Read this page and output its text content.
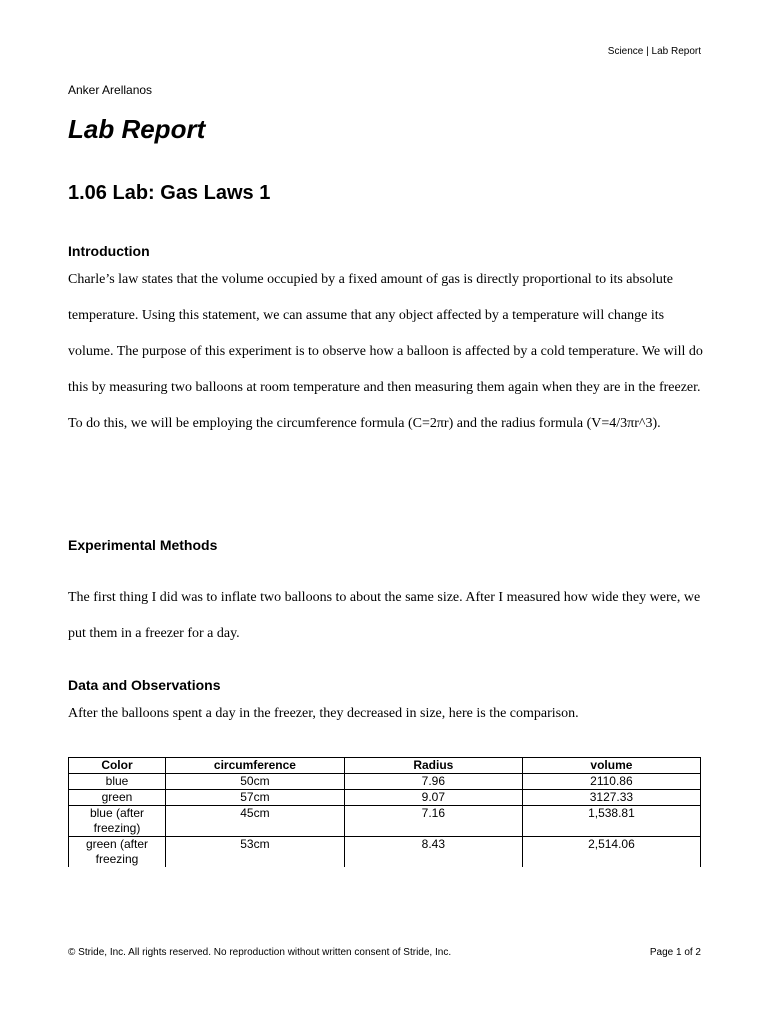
Science | Lab Report
Anker Arellanos
Lab Report
1.06 Lab: Gas Laws 1
Introduction

Charle’s law states that the volume occupied by a fixed amount of gas is directly proportional to its absolute temperature. Using this statement, we can assume that any object affected by a temperature will change its volume. The purpose of this experiment is to observe how a balloon is affected by a cold temperature. We will do this by measuring two balloons at room temperature and then measuring them again when they are in the freezer. To do this, we will be employing the circumference formula (C=2πr) and the radius formula (V=4/3πr^3).

Experimental Methods

The first thing I did was to inflate two balloons to about the same size. After I measured how wide they were, we put them in a freezer for a day.

Data and Observations

After the balloons spent a day in the freezer, they decreased in size, here is the comparison.

Color	circumference	Radius	volume
blue	50cm	7.96	2110.86
green	57cm	9.07	3127.33
blue (after freezing)	45cm	7.16	1,538.81
green (after freezing	53cm	8.43	2,514.06
© Stride, Inc. All rights reserved. No reproduction without written consent of Stride, Inc.	Page 1 of 2
